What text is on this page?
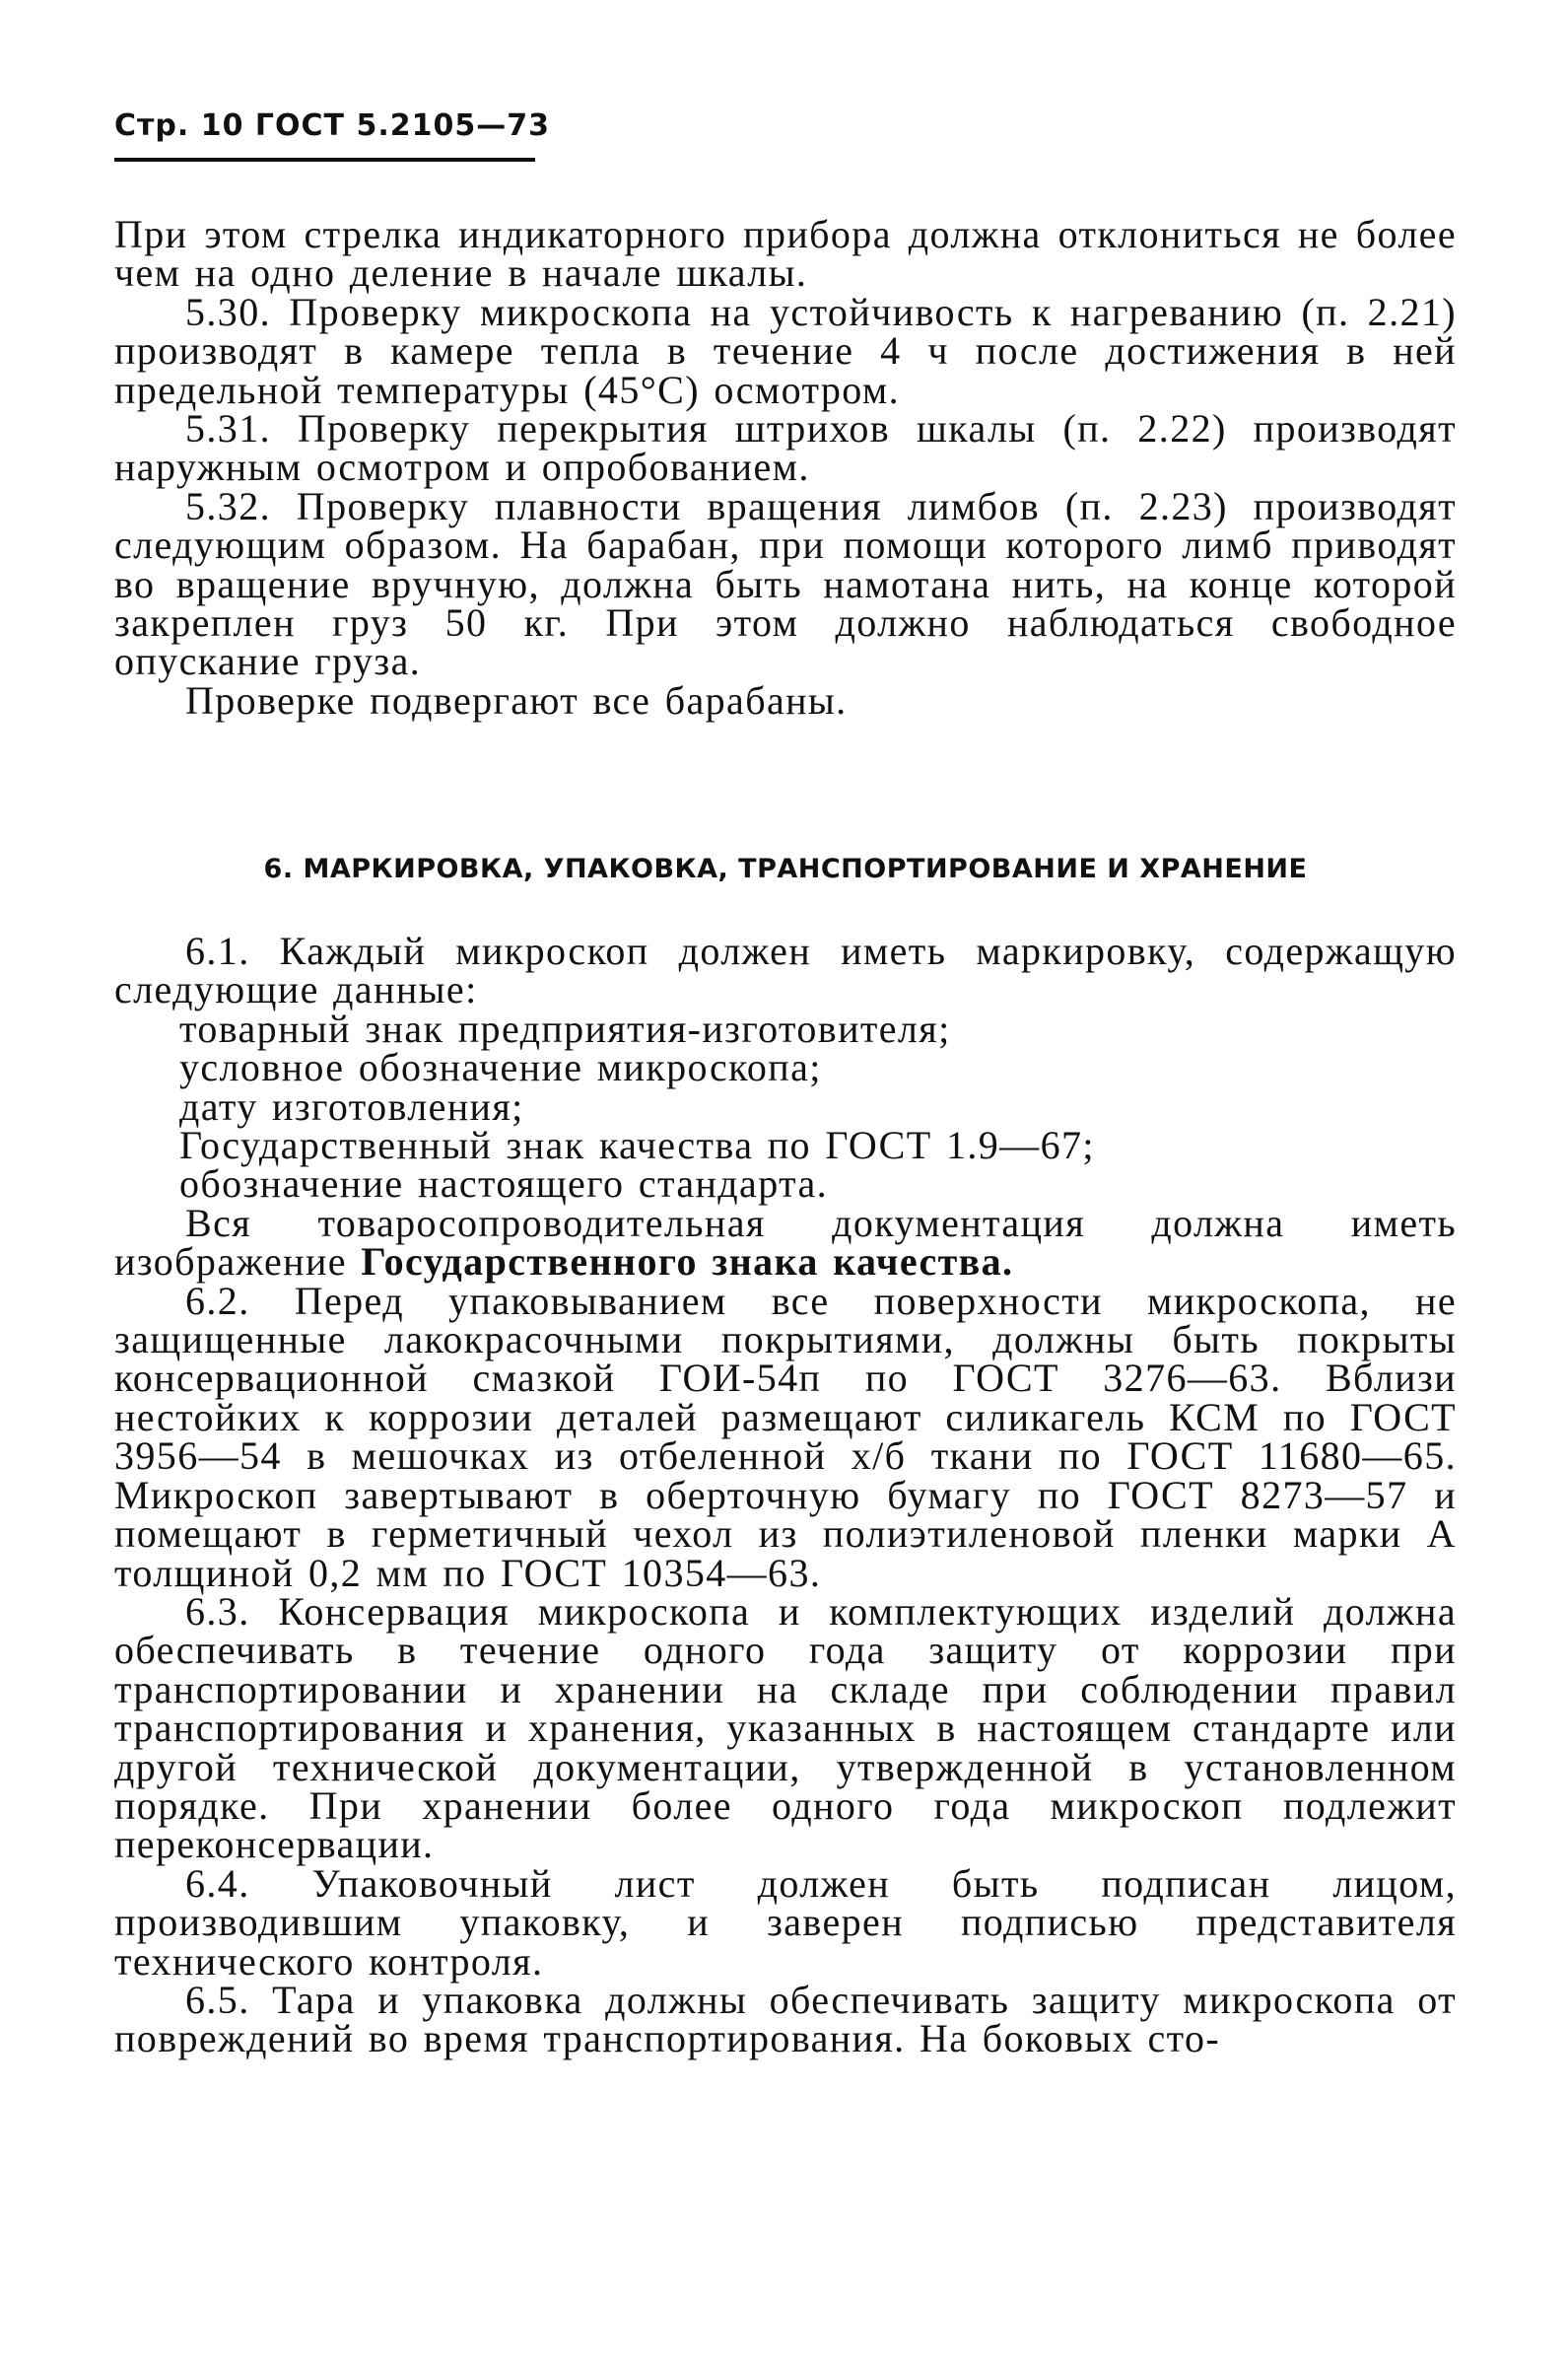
Стр. 10 ГОСТ 5.2105—73

При этом стрелка индикаторного прибора должна отклониться не более чем на одно деление в начале шкалы.

5.30. Проверку микроскопа на устойчивость к нагреванию (п. 2.21) производят в камере тепла в течение 4 ч после достижения в ней предельной температуры (45°С) осмотром.

5.31. Проверку перекрытия штрихов шкалы (п. 2.22) производят наружным осмотром и опробованием.

5.32. Проверку плавности вращения лимбов (п. 2.23) производят следующим образом. На барабан, при помощи которого лимб приводят во вращение вручную, должна быть намотана нить, на конце которой закреплен груз 50 кг. При этом должно наблюдаться свободное опускание груза.

Проверке подвергают все барабаны.

6. МАРКИРОВКА, УПАКОВКА, ТРАНСПОРТИРОВАНИЕ И ХРАНЕНИЕ

6.1. Каждый микроскоп должен иметь маркировку, содержащую следующие данные:

товарный знак предприятия-изготовителя;

условное обозначение микроскопа;

дату изготовления;

Государственный знак качества по ГОСТ 1.9—67;

обозначение настоящего стандарта.

Вся товаросопроводительная документация должна иметь изображение Государственного знака качества.

6.2. Перед упаковыванием все поверхности микроскопа, не защищенные лакокрасочными покрытиями, должны быть покрыты консервационной смазкой ГОИ-54п по ГОСТ 3276—63. Вблизи нестойких к коррозии деталей размещают силикагель КСМ по ГОСТ 3956—54 в мешочках из отбеленной х/б ткани по ГОСТ 11680—65. Микроскоп завертывают в оберточную бумагу по ГОСТ 8273—57 и помещают в герметичный чехол из полиэтиленовой пленки марки А толщиной 0,2 мм по ГОСТ 10354—63.

6.3. Консервация микроскопа и комплектующих изделий должна обеспечивать в течение одного года защиту от коррозии при транспортировании и хранении на складе при соблюдении правил транспортирования и хранения, указанных в настоящем стандарте или другой технической документации, утвержденной в установленном порядке. При хранении более одного года микроскоп подлежит переконсервации.

6.4. Упаковочный лист должен быть подписан лицом, производившим упаковку, и заверен подписью представителя технического контроля.

6.5. Тара и упаковка должны обеспечивать защиту микроскопа от повреждений во время транспортирования. На боковых сто-
